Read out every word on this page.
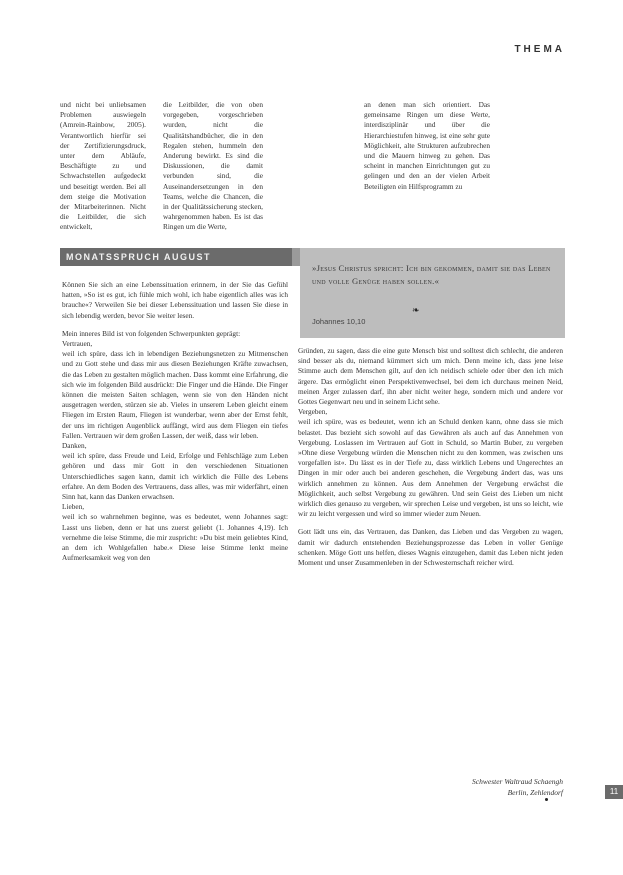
THEMA

und nicht bei unliebsamen Problemen auswiegeln (Amrein-Rainbow, 2005). Verantwortlich hierfür sei der Zertifizierungsdruck, unter dem Abläufe, Beschäftigte zu und Schwachstellen aufgedeckt und beseitigt werden. Bei all dem steige die Motivation der Mitarbeiterinnen. Nicht die Leitbilder, die sich entwickelt,

die Leitbilder, die von oben vorgegeben, vorgeschrieben wurden, nicht die Qualitätshandbücher, die in den Regalen stehen, hummeln den Anderung bewirkt. Es sind die Diskussionen, die damit verbunden sind, die Auseinandersetzungen in den Teams, welche die Chancen, die in der Qualitätssicherung stecken, wahrgenommen haben. Es ist das Ringen um die Werte,

an denen man sich orientiert. Das gemeinsame Ringen um diese Werte, interdisziplinär und über die Hierarchiestufen hinweg, ist eine sehr gute Möglichkeit, alte Strukturen aufzubrechen und die Mauern hinweg zu gehen. Das scheint in manchen Einrichtungen gut zu gelingen und den an der vielen Arbeit Beteiligten ein Hilfsprogramm zu

MONATSSPRUCH AUGUST
»Jesus Christus spricht: Ich bin gekommen, damit sie das Leben und volle Genüge haben sollen.«
❧
Johannes 10,10

Können Sie sich an eine Lebenssituation erinnern, in der Sie das Gefühl hatten, »So ist es gut, ich fühle mich wohl, ich habe eigentlich alles was ich brauche«? Verweilen Sie bei dieser Lebenssituation und lassen Sie diese in sich lebendig werden, bevor Sie weiter lesen.

Mein inneres Bild ist von folgenden Schwerpunkten geprägt:

Vertrauen,

weil ich spüre, dass ich in lebendigen Beziehungsnetzen zu Mitmenschen und zu Gott stehe und dass mir aus diesen Beziehungen Kräfte zuwachsen, die das Leben zu gestalten möglich machen. Dass kommt eine Erfahrung, die sich wie im folgenden Bild ausdrückt: Die Finger und die Hände. Die Finger können die meisten Saiten schlagen, wenn sie von den Händen nicht ausgetragen werden, stürzen sie ab. Vieles in unserem Leben gleicht einem Fliegen im Ersten Raum, Fliegen ist wunderbar, wenn aber der Ernst fehlt, der uns im richtigen Augenblick auffängt, wird aus dem Fliegen ein tiefes Fallen. Vertrauen wir dem großen Lassen, der weiß, dass wir leben.

Danken,

weil ich spüre, dass Freude und Leid, Erfolge und Fehlschläge zum Leben gehören und dass mir Gott in den verschiedenen Situationen Unterschiedliches sagen kann, damit ich wirklich die Fülle des Lebens erfahre. An dem Boden des Vertrauens, dass alles, was mir widerfährt, einen Sinn hat, kann das Danken erwachsen.

Lieben,

weil ich so wahrnehmen beginne, was es bedeutet, wenn Johannes sagt: Lasst uns lieben, denn er hat uns zuerst geliebt (1. Johannes 4,19). Ich vernehme die leise Stimme, die mir zuspricht: »Du bist mein geliebtes Kind, an dem ich Wohlgefallen habe.« Diese leise Stimme lenkt meine Aufmerksamkeit weg von den

Gründen, zu sagen, dass die eine gute Mensch bist und solltest dich schlecht, die anderen sind besser als du, niemand kümmert sich um mich. Denn meine ich, dass jene leise Stimme auch dem Menschen gilt, auf den ich neidisch schiele oder über den ich mich ärgere. Das ermöglicht einen Perspektivenwechsel, bei dem ich durchaus meinen Neid, meinen Ärger zulassen darf, ihn aber nicht weiter hege, sondern mich und andere vor Gottes Gegenwart neu und in seinem Licht sehe.

Vergeben,

weil ich spüre, was es bedeutet, wenn ich an Schuld denken kann, ohne dass sie mich belastet. Das bezieht sich sowohl auf das Gewähren als auch auf das Annehmen von Vergebung. Loslassen im Vertrauen auf Gott in Schuld, so Martin Buber, zu vergeben »Ohne diese Vergebung würden die Menschen nicht zu den kommen, was zwischen uns vorgefallen ist«. Du lässt es in der Tiefe zu, dass wirklich Lebens und Ungerechtes an Dingen in mir oder auch bei anderen geschehen, die Vergebung ändert das, was uns wirklich annehmen zu können. Aus dem Annehmen der Vergebung erwächst die Möglichkeit, auch selbst Vergebung zu gewähren. Und sein Geist des Lieben um nicht wirklich dies genauso zu vergeben, wir sprechen Leise und vergeben, ist uns so leicht, wie wir zu leicht vergessen und wird so immer wieder zum Neuen.

Gott lädt uns ein, das Vertrauen, das Danken, das Lieben und das Vergeben zu wagen, damit wir dadurch entstehenden Beziehungsprozesse das Leben in voller Genüge schenken. Möge Gott uns helfen, dieses Wagnis einzugehen, damit das Leben nicht jeden Moment und unser Zusammenleben in der Schwesternschaft reicher wird.

Schwester Waltraud Schaengh
Berlin, Zehlendorf	11
